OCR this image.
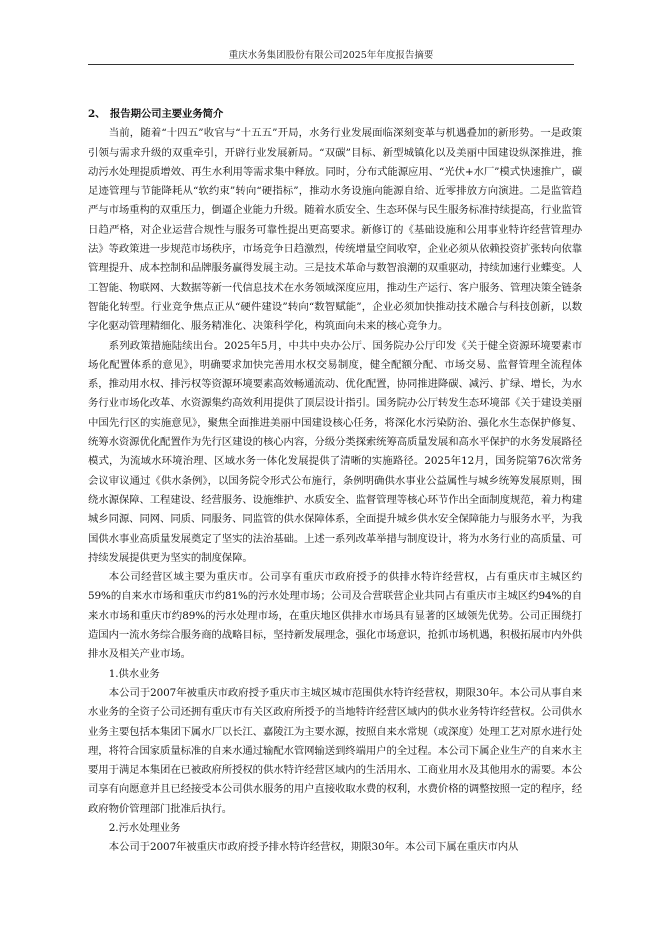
重庆水务集团股份有限公司2025年年度报告摘要
2、 报告期公司主要业务简介

当前，随着“十四五”收官与“十五五”开局，水务行业发展面临深刻变革与机遇叠加的新形势。一是政策引领与需求升级的双重牵引，开辟行业发展新局。“双碳”目标、新型城镇化以及美丽中国建设纵深推进，推动污水处理提质增效、再生水利用等需求集中释放。同时，分布式能源应用、“光伏+水厂”模式快速推广，碳足迹管理与节能降耗从“软约束”转向“硬指标”，推动水务设施向能源自给、近零排放方向演进。二是监管趋严与市场重构的双重压力，倒逼企业能力升级。随着水质安全、生态环保与民生服务标准持续提高，行业监管日趋严格，对企业运营合规性与服务可靠性提出更高要求。新修订的《基础设施和公用事业特许经营管理办法》等政策进一步规范市场秩序，市场竞争日趋激烈，传统增量空间收窄，企业必须从依赖投资扩张转向依靠管理提升、成本控制和品牌服务赢得发展主动。三是技术革命与数智浪潮的双重驱动，持续加速行业蝶变。人工智能、物联网、大数据等新一代信息技术在水务领域深度应用，推动生产运行、客户服务、管理决策全链条智能化转型。行业竞争焦点正从“硬件建设”转向“数智赋能”，企业必须加快推动技术融合与科技创新，以数字化驱动管理精细化、服务精准化、决策科学化，构筑面向未来的核心竞争力。

系列政策措施陆续出台。2025年5月，中共中央办公厅、国务院办公厅印发《关于健全资源环境要素市场化配置体系的意见》，明确要求加快完善用水权交易制度，健全配额分配、市场交易、监督管理全流程体系，推动用水权、排污权等资源环境要素高效畅通流动、优化配置，协同推进降碳、减污、扩绿、增长，为水务行业市场化改革、水资源集约高效利用提供了顶层设计指引。国务院办公厅转发生态环境部《关于建设美丽中国先行区的实施意见》，聚焦全面推进美丽中国建设核心任务，将深化水污染防治、强化水生态保护修复、统筹水资源优化配置作为先行区建设的核心内容，分级分类探索统筹高质量发展和高水平保护的水务发展路径模式，为流域水环境治理、区域水务一体化发展提供了清晰的实施路径。2025年12月，国务院第76次常务会议审议通过《供水条例》，以国务院令形式公布施行，条例明确供水事业公益属性与城乡统筹发展原则，围绕水源保障、工程建设、经营服务、设施维护、水质安全、监督管理等核心环节作出全面制度规范，着力构建城乡同源、同网、同质、同服务、同监管的供水保障体系，全面提升城乡供水安全保障能力与服务水平，为我国供水事业高质量发展奠定了坚实的法治基础。上述一系列改革举措与制度设计，将为水务行业的高质量、可持续发展提供更为坚实的制度保障。

本公司经营区域主要为重庆市。公司享有重庆市政府授予的供排水特许经营权，占有重庆市主城区约59%的自来水市场和重庆市约81%的污水处理市场；公司及合营联营企业共同占有重庆市主城区约94%的自来水市场和重庆市约89%的污水处理市场，在重庆地区供排水市场具有显著的区域领先优势。公司正围绕打造国内一流水务综合服务商的战略目标，坚持新发展理念，强化市场意识，抢抓市场机遇，积极拓展市内外供排水及相关产业市场。

1.供水业务

本公司于2007年被重庆市政府授予重庆市主城区城市范围供水特许经营权，期限30年。本公司从事自来水业务的全资子公司还拥有重庆市有关区政府所授予的当地特许经营区域内的供水业务特许经营权。公司供水业务主要包括本集团下属水厂以长江、嘉陵江为主要水源，按照自来水常规（或深度）处理工艺对原水进行处理，将符合国家质量标准的自来水通过输配水管网输送到终端用户的全过程。本公司下属企业生产的自来水主要用于满足本集团在已被政府所授权的供水特许经营区域内的生活用水、工商业用水及其他用水的需要。本公司享有向愿意并且已经接受本公司供水服务的用户直接收取水费的权利，水费价格的调整按照一定的程序，经政府物价管理部门批准后执行。

2.污水处理业务

本公司于2007年被重庆市政府授予排水特许经营权，期限30年。本公司下属在重庆市内从
